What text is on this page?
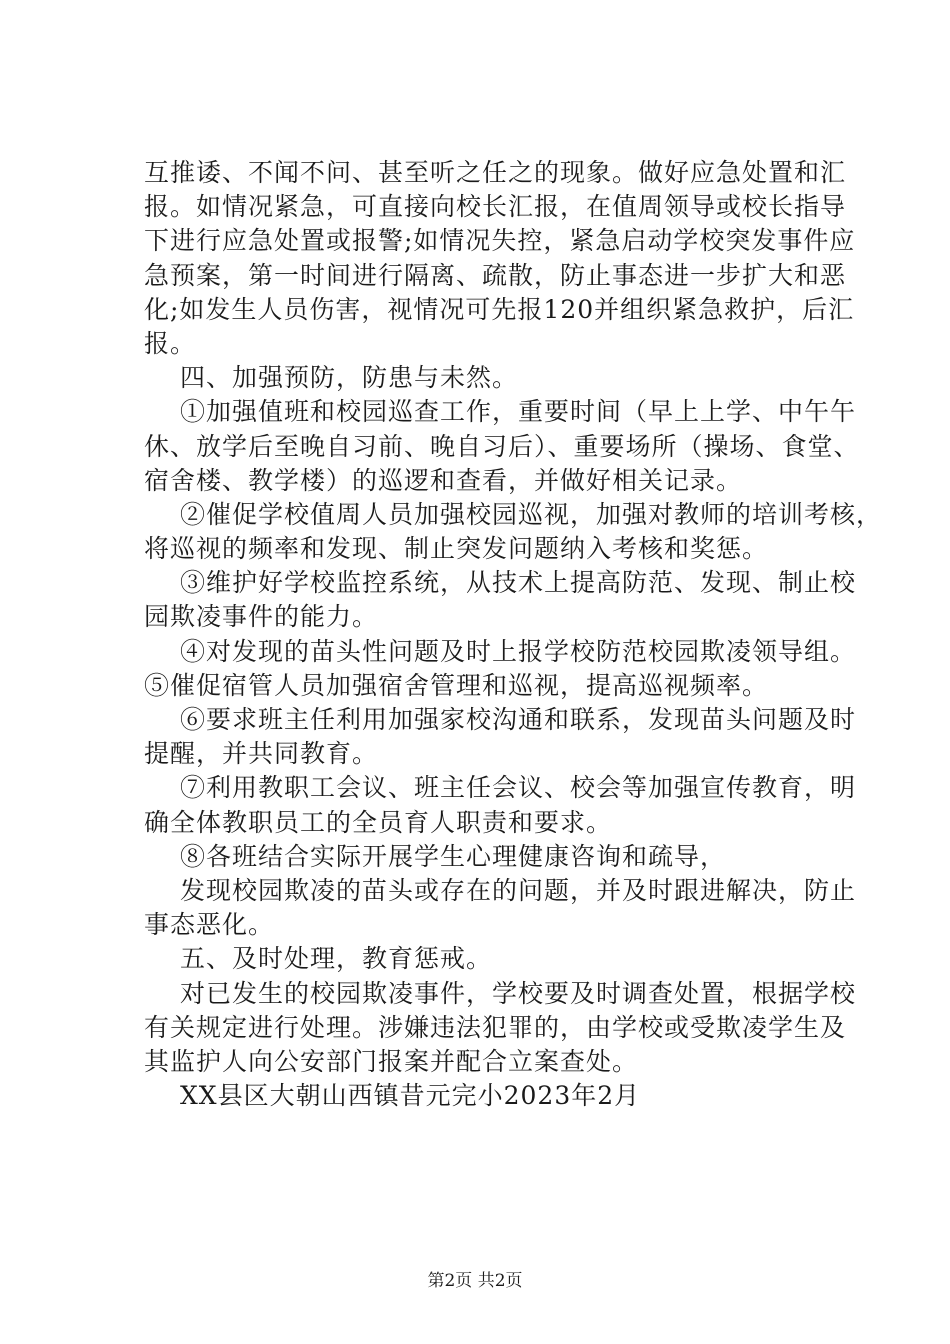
互推诿、不闻不问、甚至听之任之的现象。做好应急处置和汇
报。如情况紧急，可直接向校长汇报，在值周领导或校长指导
下进行应急处置或报警;如情况失控，紧急启动学校突发事件应
急预案，第一时间进行隔离、疏散，防止事态进一步扩大和恶
化;如发生人员伤害，视情况可先报120并组织紧急救护，后汇
报。
四、加强预防，防患与未然。
①加强值班和校园巡查工作，重要时间（早上上学、中午午
休、放学后至晚自习前、晚自习后）、重要场所（操场、食堂、
宿舍楼、教学楼）的巡逻和查看，并做好相关记录。
②催促学校值周人员加强校园巡视，加强对教师的培训考核，
将巡视的频率和发现、制止突发问题纳入考核和奖惩。
③维护好学校监控系统，从技术上提高防范、发现、制止校
园欺凌事件的能力。
④对发现的苗头性问题及时上报学校防范校园欺凌领导组。
⑤催促宿管人员加强宿舍管理和巡视，提高巡视频率。
⑥要求班主任利用加强家校沟通和联系，发现苗头问题及时
提醒，并共同教育。
⑦利用教职工会议、班主任会议、校会等加强宣传教育，明
确全体教职员工的全员育人职责和要求。
⑧各班结合实际开展学生心理健康咨询和疏导，
发现校园欺凌的苗头或存在的问题，并及时跟进解决，防止
事态恶化。
五、及时处理，教育惩戒。
对已发生的校园欺凌事件，学校要及时调查处置，根据学校
有关规定进行处理。涉嫌违法犯罪的，由学校或受欺凌学生及
其监护人向公安部门报案并配合立案查处。
XX县区大朝山西镇昔元完小2023年2月
第2页 共2页
